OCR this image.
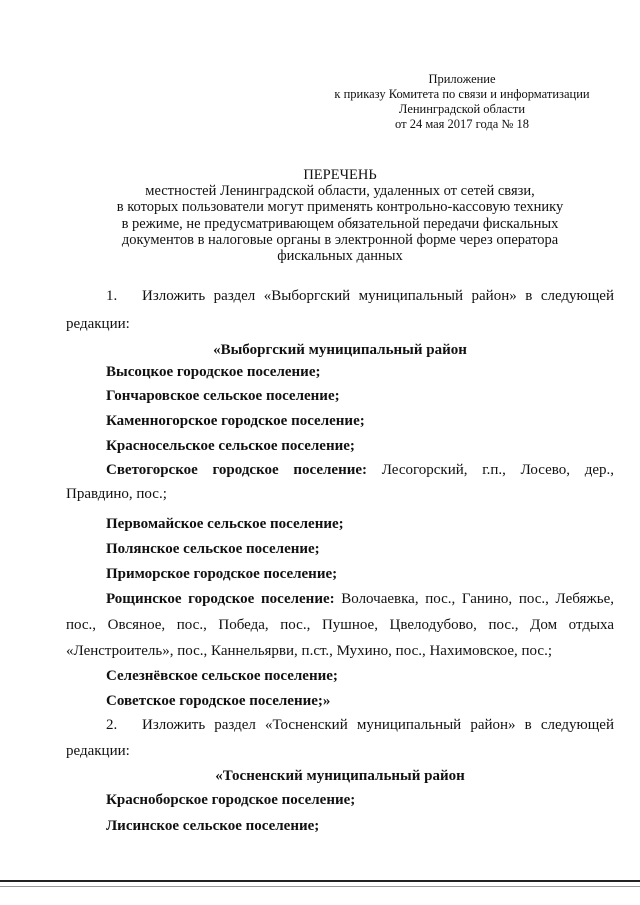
Приложение
к приказу Комитета по связи и информатизации
Ленинградской области
от 24 мая 2017 года № 18
ПЕРЕЧЕНЬ
местностей Ленинградской области, удаленных от сетей связи,
в которых пользователи могут применять контрольно-кассовую технику
в режиме, не предусматривающем обязательной передачи фискальных
документов в налоговые органы в электронной форме через оператора
фискальных данных
1. Изложить раздел «Выборгский муниципальный район» в следующей редакции:
«Выборгский муниципальный район
Высоцкое городское поселение;
Гончаровское сельское поселение;
Каменногорское городское поселение;
Красносельское сельское поселение;
Светогорское городское поселение: Лесогорский, г.п., Лосево, дер., Правдино, пос.;
Первомайское сельское поселение;
Полянское сельское поселение;
Приморское городское поселение;
Рощинское городское поселение: Волочаевка, пос., Ганино, пос., Лебяжье, пос., Овсяное, пос., Победа, пос., Пушное, Цвелодубово, пос., Дом отдыха «Ленстроитель», пос., Каннельярви, п.ст., Мухино, пос., Нахимовское, пос.;
Селезнёвское сельское поселение;
Советское городское поселение;»
2. Изложить раздел «Тосненский муниципальный район» в следующей редакции:
«Тосненский муниципальный район
Красноборское городское поселение;
Лисинское сельское поселение;
